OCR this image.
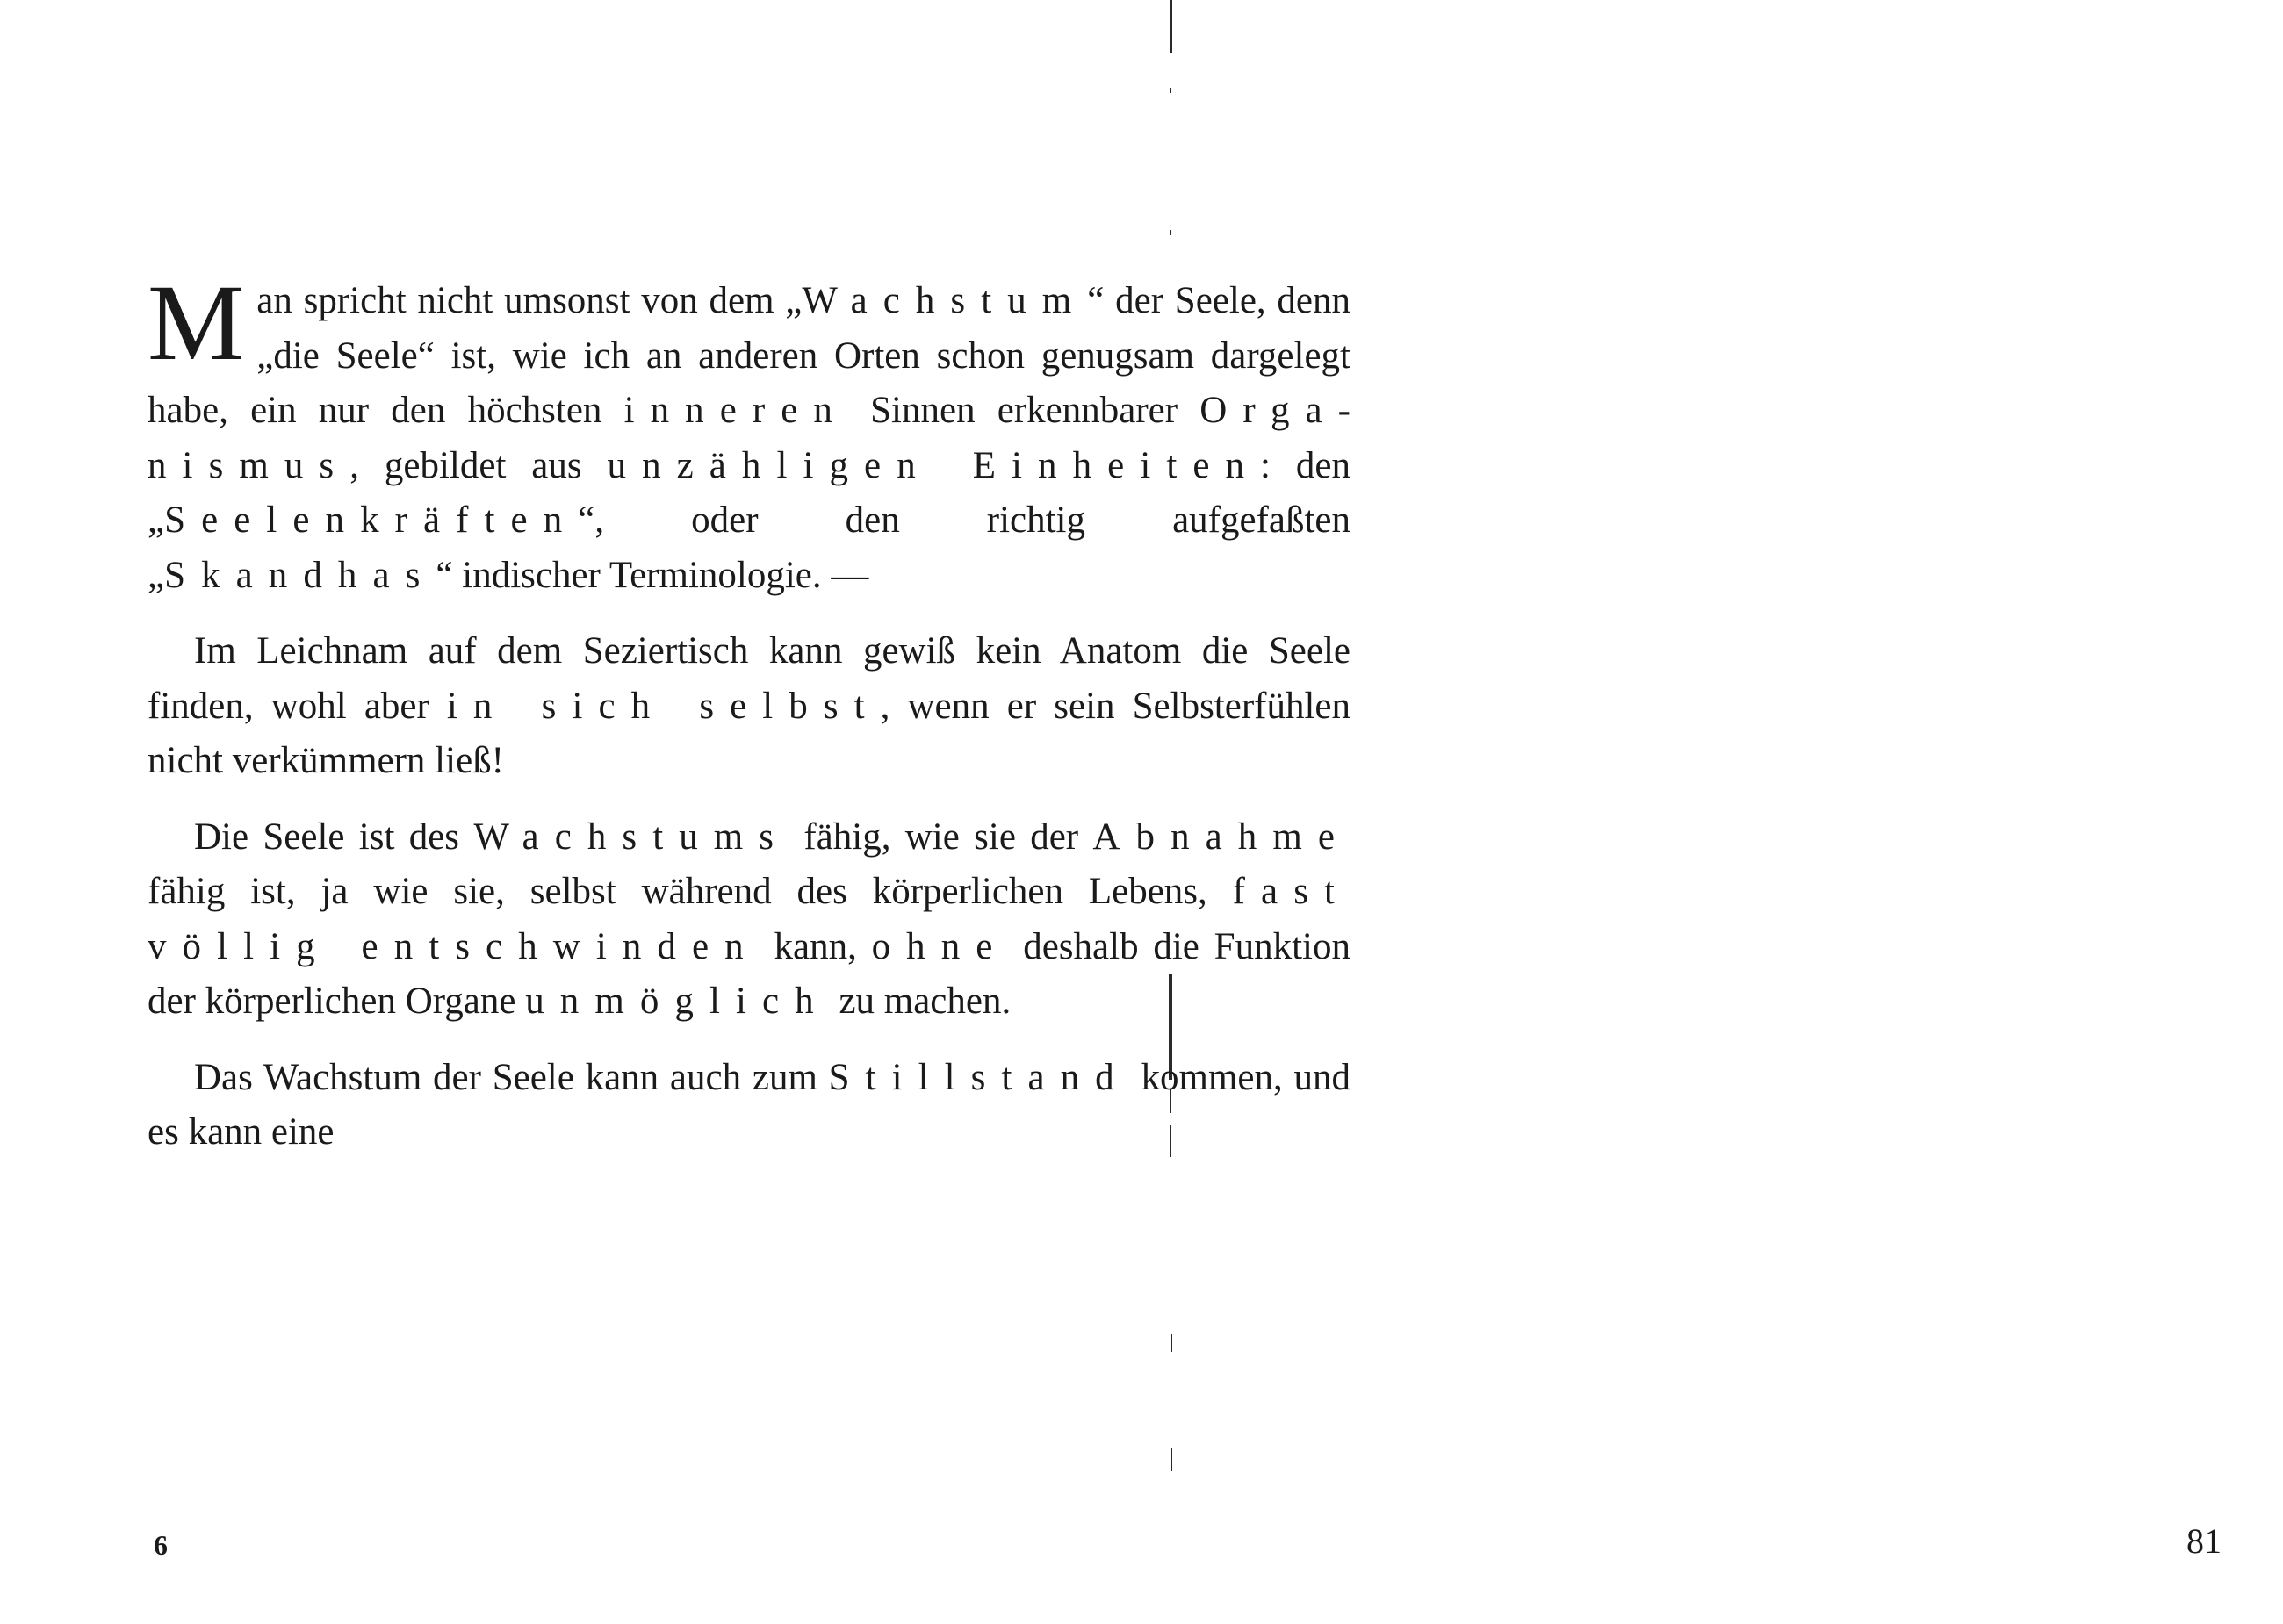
Man spricht nicht umsonst von dem „Wachstum“ der Seele, denn „die Seele“ ist, wie ich an anderen Orten schon genugsam dargelegt habe, ein nur den höchsten inneren Sinnen erkennbarer Organismus, gebildet aus unzähligen Einheiten: den „Seelenkräften“, oder den richtig aufgefaßten „Skandhas“ indischer Terminologie. —

Im Leichnam auf dem Seziertisch kann gewiß kein Anatom die Seele finden, wohl aber in sich selbst, wenn er sein Selbsterfühlen nicht verkümmern ließ!

Die Seele ist des Wachstums fähig, wie sie der Abnahme fähig ist, ja wie sie, selbst während des körperlichen Lebens, fast völlig entschwinden kann, ohne deshalb die Funktion der körperlichen Organe unmöglich zu machen.

Das Wachstum der Seele kann auch zum Stillstand kommen, und es kann eine

6	81
